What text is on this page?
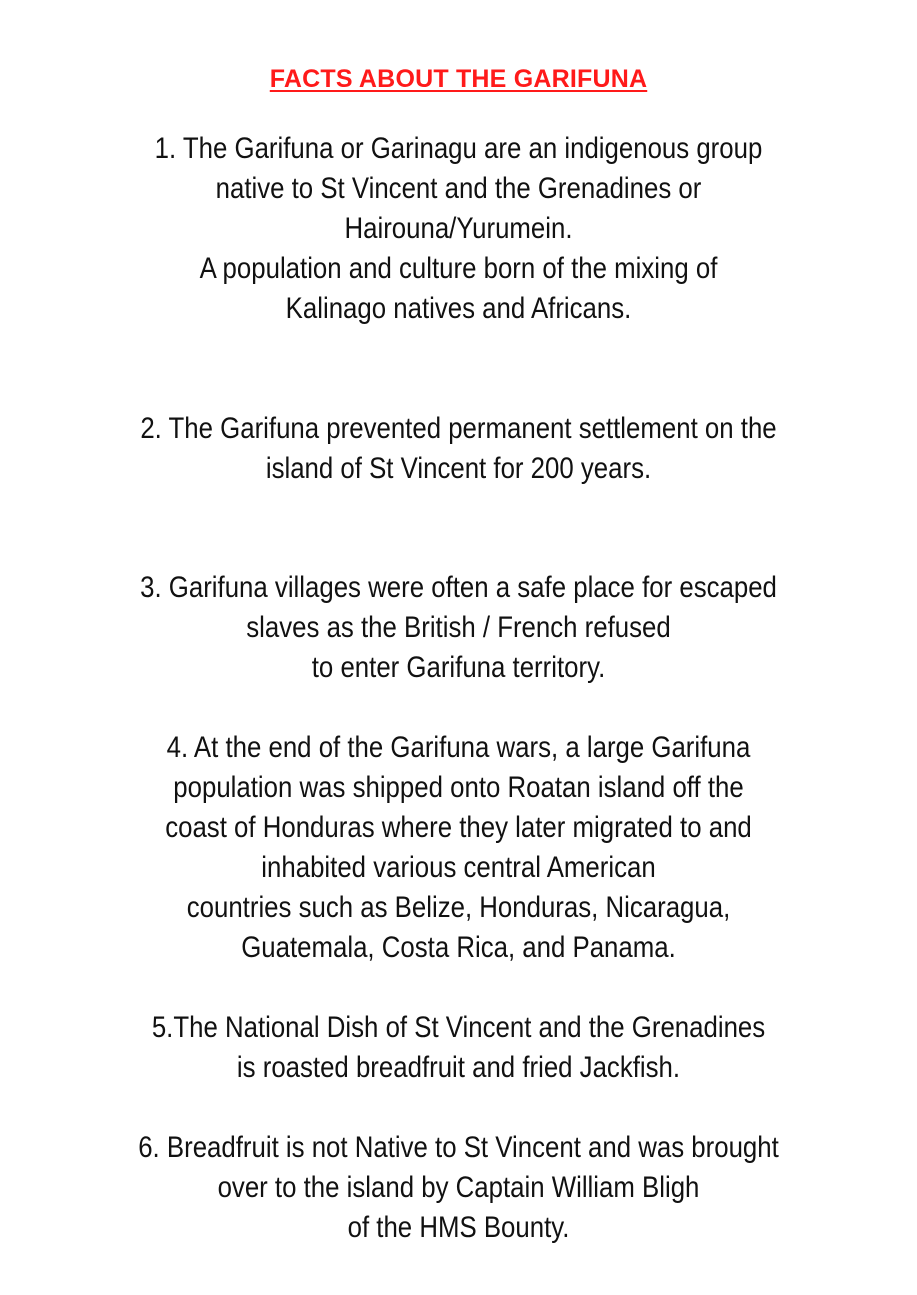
FACTS ABOUT THE GARIFUNA
1. The Garifuna or Garinagu are an indigenous group
native to St Vincent and the Grenadines or
Hairouna/Yurumein.
A population and culture born of the mixing of
Kalinago natives and Africans.
2. The Garifuna prevented permanent settlement on the
island of St Vincent for 200 years.
3. Garifuna villages were often a safe place for escaped
slaves as the British / French refused
to enter Garifuna territory.
4. At the end of the Garifuna wars, a large Garifuna
population was shipped onto Roatan island off the
coast of Honduras where they later migrated to and
inhabited various central American
countries such as Belize, Honduras, Nicaragua,
Guatemala, Costa Rica, and Panama.
5.The National Dish of St Vincent and the Grenadines
is roasted breadfruit and fried Jackfish.
6. Breadfruit is not Native to St Vincent and was brought
over to the island by Captain William Bligh
of the HMS Bounty.
